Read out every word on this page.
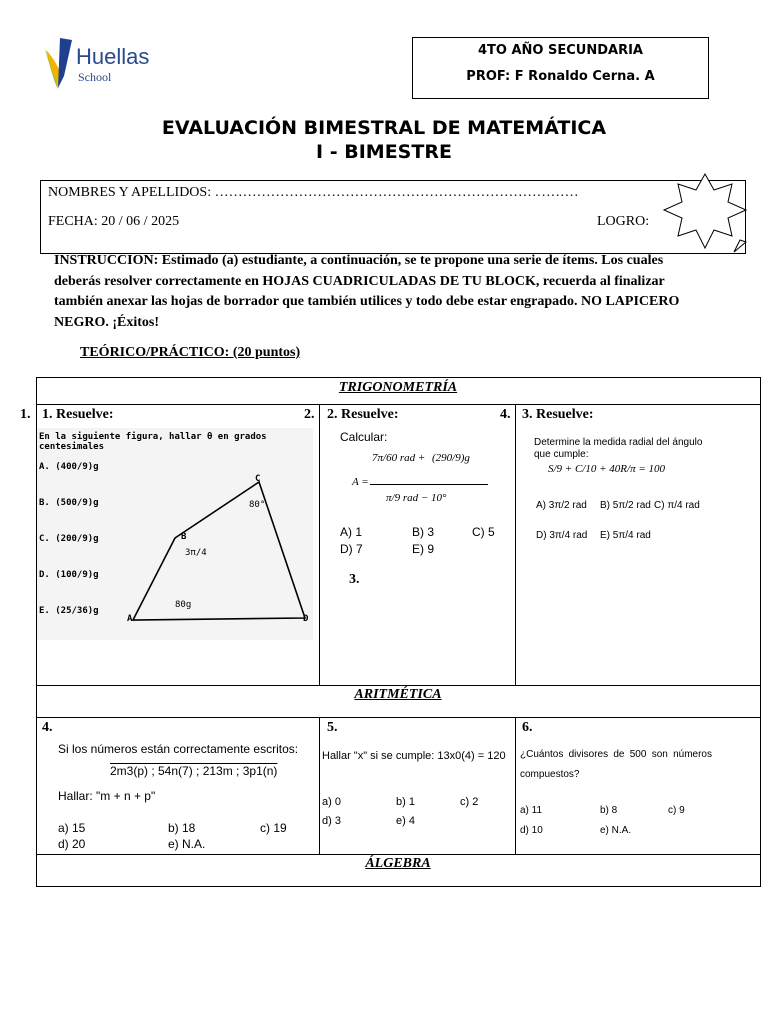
Huellas
School
4TO AÑO SECUNDARIA
PROF: F Ronaldo Cerna. A
EVALUACIÓN BIMESTRAL DE MATEMÁTICA
I - BIMESTRE
NOMBRES Y APELLIDOS: ……………………………………………………………………
FECHA: 20 / 06 / 2025	LOGRO:
INSTRUCCION: Estimado (a) estudiante, a continuación, se te propone una serie de ítems. Los cuales deberás resolver correctamente en HOJAS CUADRICULADAS DE TU BLOCK, recuerda al finalizar también anexar las hojas de borrador que también utilices y todo debe estar engrapado. NO LAPICERO NEGRO. ¡Éxitos!
TEÓRICO/PRÁCTICO: (20 puntos)
TRIGONOMETRÍA
ARITMÉTICA
ÁLGEBRA
1. 1. Resuelve:	2.
En la siguiente figura, hallar θ en grados centesimales
A. (400/9)g
B. (500/9)g
C. (200/9)g
D. (100/9)g
E. (25/36)g
A
B
C
D
3π/4
80°
80g
2. Resuelve:	4.
Calcular:
A =
7π/60 rad + (290/9)g
π/9 rad − 10°
A) 1	B) 3	C) 5
D) 7	E) 9
3.
3. Resuelve:
Determine la medida radial del ángulo que cumple:
S/9 + C/10 + 40R/π = 100
A) 3π/2 rad B) 5π/2 rad C) π/4 rad
D) 3π/4 rad E) 5π/4 rad
4.
Si los números están correctamente escritos:
2m3(p) ; 54n(7) ; 213m ; 3p1(n)
Hallar: "m + n + p"
a) 15	b) 18	c) 19
d) 20	e) N.A.
5.
Hallar "x" si se cumple: 13x0(4) = 120
a) 0	b) 1	c) 2
d) 3	e) 4
6.
¿Cuántos divisores de 500 son números compuestos?
a) 11	b) 8	c) 9
d) 10	e) N.A.
